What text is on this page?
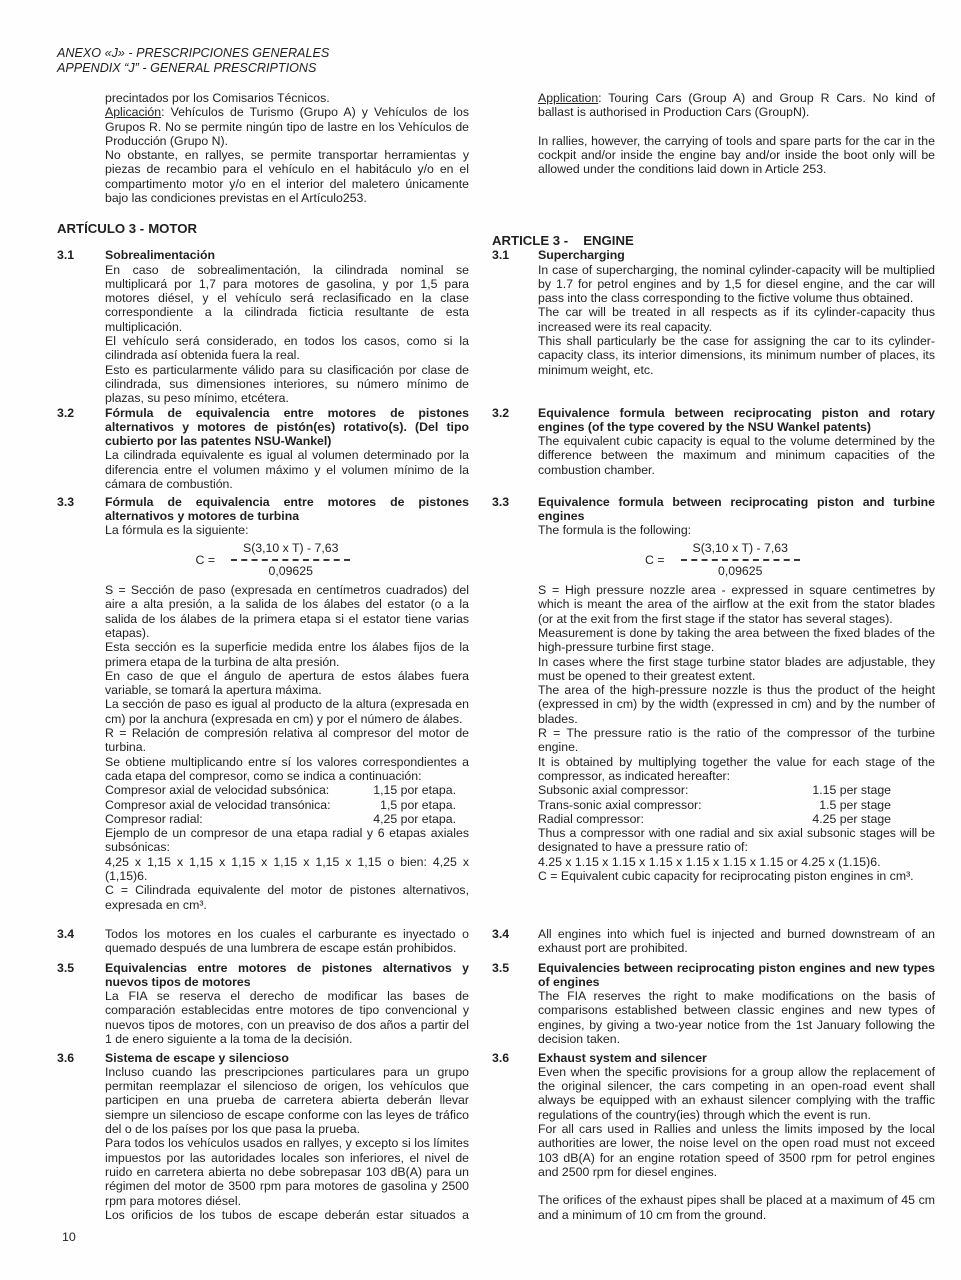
ANEXO «J» - PRESCRIPCIONES GENERALES
APPENDIX “J” - GENERAL PRESCRIPTIONS

precintados por los Comisarios Técnicos.

Aplicación: Vehículos de Turismo (Grupo A) y Vehículos de los Grupos R. No se permite ningún tipo de lastre en los Vehículos de Producción (Grupo N).

No obstante, en rallyes, se permite transportar herramientas y piezas de recambio para el vehículo en el habitáculo y/o en el compartimento motor y/o en el interior del maletero únicamente bajo las condiciones previstas en el Artículo253.

Application: Touring Cars (Group A) and Group R Cars. No kind of ballast is authorised in Production Cars (GroupN).

In rallies, however, the carrying of tools and spare parts for the car in the cockpit and/or inside the engine bay and/or inside the boot only will be allowed under the conditions laid down in Article 253.

ARTÍCULO 3 - MOTOR
ARTICLE 3 - ENGINE
3.1	Sobrealimentación

En caso de sobrealimentación, la cilindrada nominal se multiplicará por 1,7 para motores de gasolina, y por 1,5 para motores diésel, y el vehículo será reclasificado en la clase correspondiente a la cilindrada ficticia resultante de esta multiplicación.

El vehículo será considerado, en todos los casos, como si la cilindrada así obtenida fuera la real.

Esto es particularmente válido para su clasificación por clase de cilindrada, sus dimensiones interiores, su número mínimo de plazas, su peso mínimo, etcétera.

3.1	Supercharging

In case of supercharging, the nominal cylinder-capacity will be multiplied by 1.7 for petrol engines and by 1,5 for diesel engine, and the car will pass into the class corresponding to the fictive volume thus obtained.

The car will be treated in all respects as if its cylinder-capacity thus increased were its real capacity.

This shall particularly be the case for assigning the car to its cylinder-capacity class, its interior dimensions, its minimum number of places, its minimum weight, etc.

3.2	Fórmula de equivalencia entre motores de pistones alternativos y motores de pistón(es) rotativo(s). (Del tipo cubierto por las patentes NSU-Wankel)

La cilindrada equivalente es igual al volumen determinado por la diferencia entre el volumen máximo y el volumen mínimo de la cámara de combustión.

3.2	Equivalence formula between reciprocating piston and rotary engines (of the type covered by the NSU Wankel patents)

The equivalent cubic capacity is equal to the volume determined by the difference between the maximum and minimum capacities of the combustion chamber.

3.3	Fórmula de equivalencia entre motores de pistones alternativos y motores de turbina

La fórmula es la siguiente:

$C = \frac{\text{S(3,10 x T) - 7,63}}{0,09625}$

S = Sección de paso (expresada en centímetros cuadrados) del aire a alta presión, a la salida de los álabes del estator (o a la salida de los álabes de la primera etapa si el estator tiene varias etapas).

Esta sección es la superficie medida entre los álabes fijos de la primera etapa de la turbina de alta presión.

En caso de que el ángulo de apertura de estos álabes fuera variable, se tomará la apertura máxima.

La sección de paso es igual al producto de la altura (expresada en cm) por la anchura (expresada en cm) y por el número de álabes.

R = Relación de compresión relativa al compresor del motor de turbina.

Se obtiene multiplicando entre sí los valores correspondientes a cada etapa del compresor, como se indica a continuación:

Compresor axial de velocidad subsónica:	1,15 por etapa.
Compresor axial de velocidad transónica:	1,5 por etapa.
Compresor radial:	4,25 por etapa.

Ejemplo de un compresor de una etapa radial y 6 etapas axiales subsónicas:

4,25 x 1,15 x 1,15 x 1,15 x 1,15 x 1,15 x 1,15 o bien: 4,25 x (1,15)6.

C = Cilindrada equivalente del motor de pistones alternativos, expresada en cm³.

3.3	Equivalence formula between reciprocating piston and turbine engines

The formula is the following:

$C = \frac{\text{S(3,10 x T) - 7,63}}{0,09625}$

S = High pressure nozzle area - expressed in square centimetres by which is meant the area of the airflow at the exit from the stator blades (or at the exit from the first stage if the stator has several stages).

Measurement is done by taking the area between the fixed blades of the high-pressure turbine first stage.

In cases where the first stage turbine stator blades are adjustable, they must be opened to their greatest extent.

The area of the high-pressure nozzle is thus the product of the height (expressed in cm) by the width (expressed in cm) and by the number of blades.

R = The pressure ratio is the ratio of the compressor of the turbine engine.

It is obtained by multiplying together the value for each stage of the compressor, as indicated hereafter:

Subsonic axial compressor:	1.15 per stage
Trans-sonic axial compressor:	1.5 per stage
Radial compressor:	4.25 per stage

Thus a compressor with one radial and six axial subsonic stages will be designated to have a pressure ratio of:

4.25 x 1.15 x 1.15 x 1.15 x 1.15 x 1.15 x 1.15 or 4.25 x (1.15)6.

C = Equivalent cubic capacity for reciprocating piston engines in cm³.

3.4	Todos los motores en los cuales el carburante es inyectado o quemado después de una lumbrera de escape están prohibidos.

3.4	All engines into which fuel is injected and burned downstream of an exhaust port are prohibited.

3.5	Equivalencias entre motores de pistones alternativos y nuevos tipos de motores

La FIA se reserva el derecho de modificar las bases de comparación establecidas entre motores de tipo convencional y nuevos tipos de motores, con un preaviso de dos años a partir del 1 de enero siguiente a la toma de la decisión.

3.5	Equivalencies between reciprocating piston engines and new types of engines

The FIA reserves the right to make modifications on the basis of comparisons established between classic engines and new types of engines, by giving a two-year notice from the 1st January following the decision taken.

3.6	Sistema de escape y silencioso

Incluso cuando las prescripciones particulares para un grupo permitan reemplazar el silencioso de origen, los vehículos que participen en una prueba de carretera abierta deberán llevar siempre un silencioso de escape conforme con las leyes de tráfico del o de los países por los que pasa la prueba.

Para todos los vehículos usados en rallyes, y excepto si los límites impuestos por las autoridades locales son inferiores, el nivel de ruido en carretera abierta no debe sobrepasar 103 dB(A) para un régimen del motor de 3500 rpm para motores de gasolina y 2500 rpm para motores diésel.

Los orificios de los tubos de escape deberán estar situados a

3.6	Exhaust system and silencer

Even when the specific provisions for a group allow the replacement of the original silencer, the cars competing in an open-road event shall always be equipped with an exhaust silencer complying with the traffic regulations of the country(ies) through which the event is run.

For all cars used in Rallies and unless the limits imposed by the local authorities are lower, the noise level on the open road must not exceed 103 dB(A) for an engine rotation speed of 3500 rpm for petrol engines and 2500 rpm for diesel engines.

The orifices of the exhaust pipes shall be placed at a maximum of 45 cm and a minimum of 10 cm from the ground.

10
